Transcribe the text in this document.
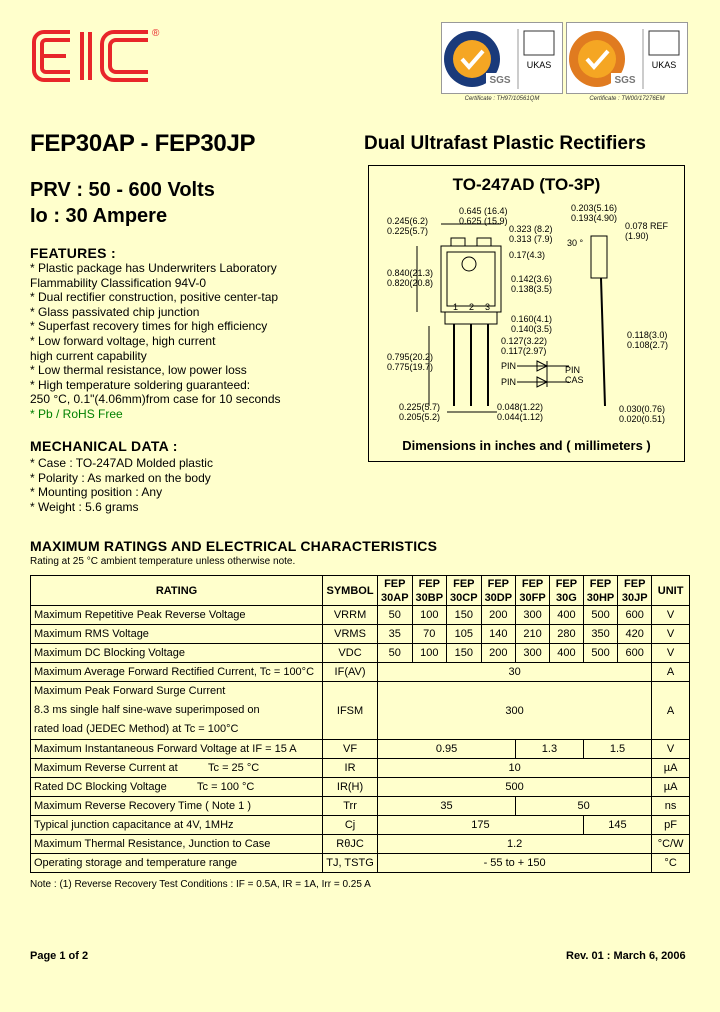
®
SGS
UKAS
Certificate : TH97/10561QM
SGS
UKAS
Certificate : TW00/17276EM
FEP30AP - FEP30JP	Dual Ultrafast Plastic Rectifiers
PRV : 50 - 600 Volts
Io : 30 Ampere
FEATURES :
* Plastic package has Underwriters Laboratory
Flammability Classification 94V-0
* Dual rectifier construction, positive center-tap
* Glass passivated chip junction
* Superfast recovery times for high efficiency
* Low forward voltage, high current
high current capability
* Low thermal resistance, low power loss
* High temperature soldering guaranteed:
250 °C, 0.1"(4.06mm)from case for 10 seconds
* Pb / RoHS Free
MECHANICAL DATA :
* Case : TO-247AD Molded plastic
* Polarity : As marked on the body
* Mounting position : Any
* Weight : 5.6 grams
TO-247AD (TO-3P)
0.645 (16.4)
0.625 (15.9)
0.245(6.2)
0.225(5.7)	0.323 (8.2)
0.313 (7.9)
0.203(5.16)
0.193(4.90)
0.078 REF
(1.90)
30 °
0.17(4.3)
0.840(21.3)
0.820(20.8)	0.142(3.6)
0.138(3.5)
1 2 3
0.160(4.1)
0.140(3.5)
0.127(3.22)
0.117(2.97)
0.118(3.0)
0.108(2.7)
0.795(20.2)
0.775(19.7)	PIN
PIN
PIN
CAS
0.225(5.7)
0.205(5.2)
0.048(1.22)
0.044(1.12)
0.030(0.76)
0.020(0.51)
Dimensions in inches and ( millimeters )
MAXIMUM RATINGS AND ELECTRICAL CHARACTERISTICS
Rating at 25 °C ambient temperature unless otherwise note.
RATING	SYMBOL	FEP 30AP	FEP 30BP	FEP 30CP	FEP 30DP	FEP 30FP	FEP 30G	FEP 30HP	FEP 30JP	UNIT
Maximum Repetitive Peak Reverse Voltage	VRRM	50	100	150	200	300	400	500	600	V
Maximum RMS Voltage	VRMS	35	70	105	140	210	280	350	420	V
Maximum DC Blocking Voltage	VDC	50	100	150	200	300	400	500	600	V
Maximum Average Forward Rectified Current, Tc = 100°C	IF(AV)	30								A

Maximum Peak Forward Surge Current
8.3 ms single half sine-wave superimposed on
rated load (JEDEC Method) at Tc = 100°C	IFSM	300								A
Maximum Instantaneous Forward Voltage at IF = 15 A	VF	0.95				1.3		1.5		V
Maximum Reverse Current at          Tc = 25 °C	IR	10								µA
Rated DC Blocking Voltage          Tc = 100 °C	IR(H)	500								µA
Maximum Reverse Recovery Time ( Note 1 )	Trr	35				50				ns
Typical junction capacitance at 4V, 1MHz	Cj	175						145		pF
Maximum Thermal Resistance, Junction to Case	RθJC	1.2								°C/W
Operating storage and temperature range	TJ, TSTG	- 55 to + 150								°C
Note : (1) Reverse Recovery Test Conditions : IF = 0.5A, IR = 1A, Irr = 0.25 A
Page 1 of 2	Rev. 01 : March 6, 2006
